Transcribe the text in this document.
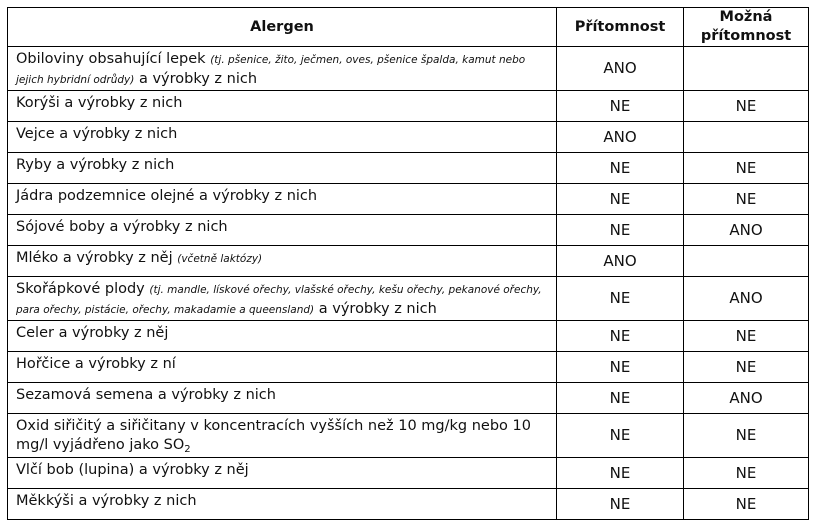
Alergen	Přítomnost	Možná přítomnost
Obiloviny obsahující lepek (tj. pšenice, žito, ječmen, oves, pšenice špalda, kamut nebo jejich hybridní odrůdy) a výrobky z nich	ANO	
Korýši a výrobky z nich	NE	NE
Vejce a výrobky z nich	ANO	
Ryby a výrobky z nich	NE	NE
Jádra podzemnice olejné a výrobky z nich	NE	NE
Sójové boby a výrobky z nich	NE	ANO
Mléko a výrobky z něj (včetně laktózy)	ANO	
Skořápkové plody (tj. mandle, lískové ořechy, vlašské ořechy, kešu ořechy, pekanové ořechy, para ořechy, pistácie, ořechy, makadamie a queensland) a výrobky z nich	NE	ANO
Celer a výrobky z něj	NE	NE
Hořčice a výrobky z ní	NE	NE
Sezamová semena a výrobky z nich	NE	ANO
Oxid siřičitý a siřičitany v koncentracích vyšších než 10 mg/kg nebo 10 mg/l vyjádřeno jako $SO_2$	NE	NE
Vlčí bob (lupina) a výrobky z něj	NE	NE
Měkkýši a výrobky z nich	NE	NE
